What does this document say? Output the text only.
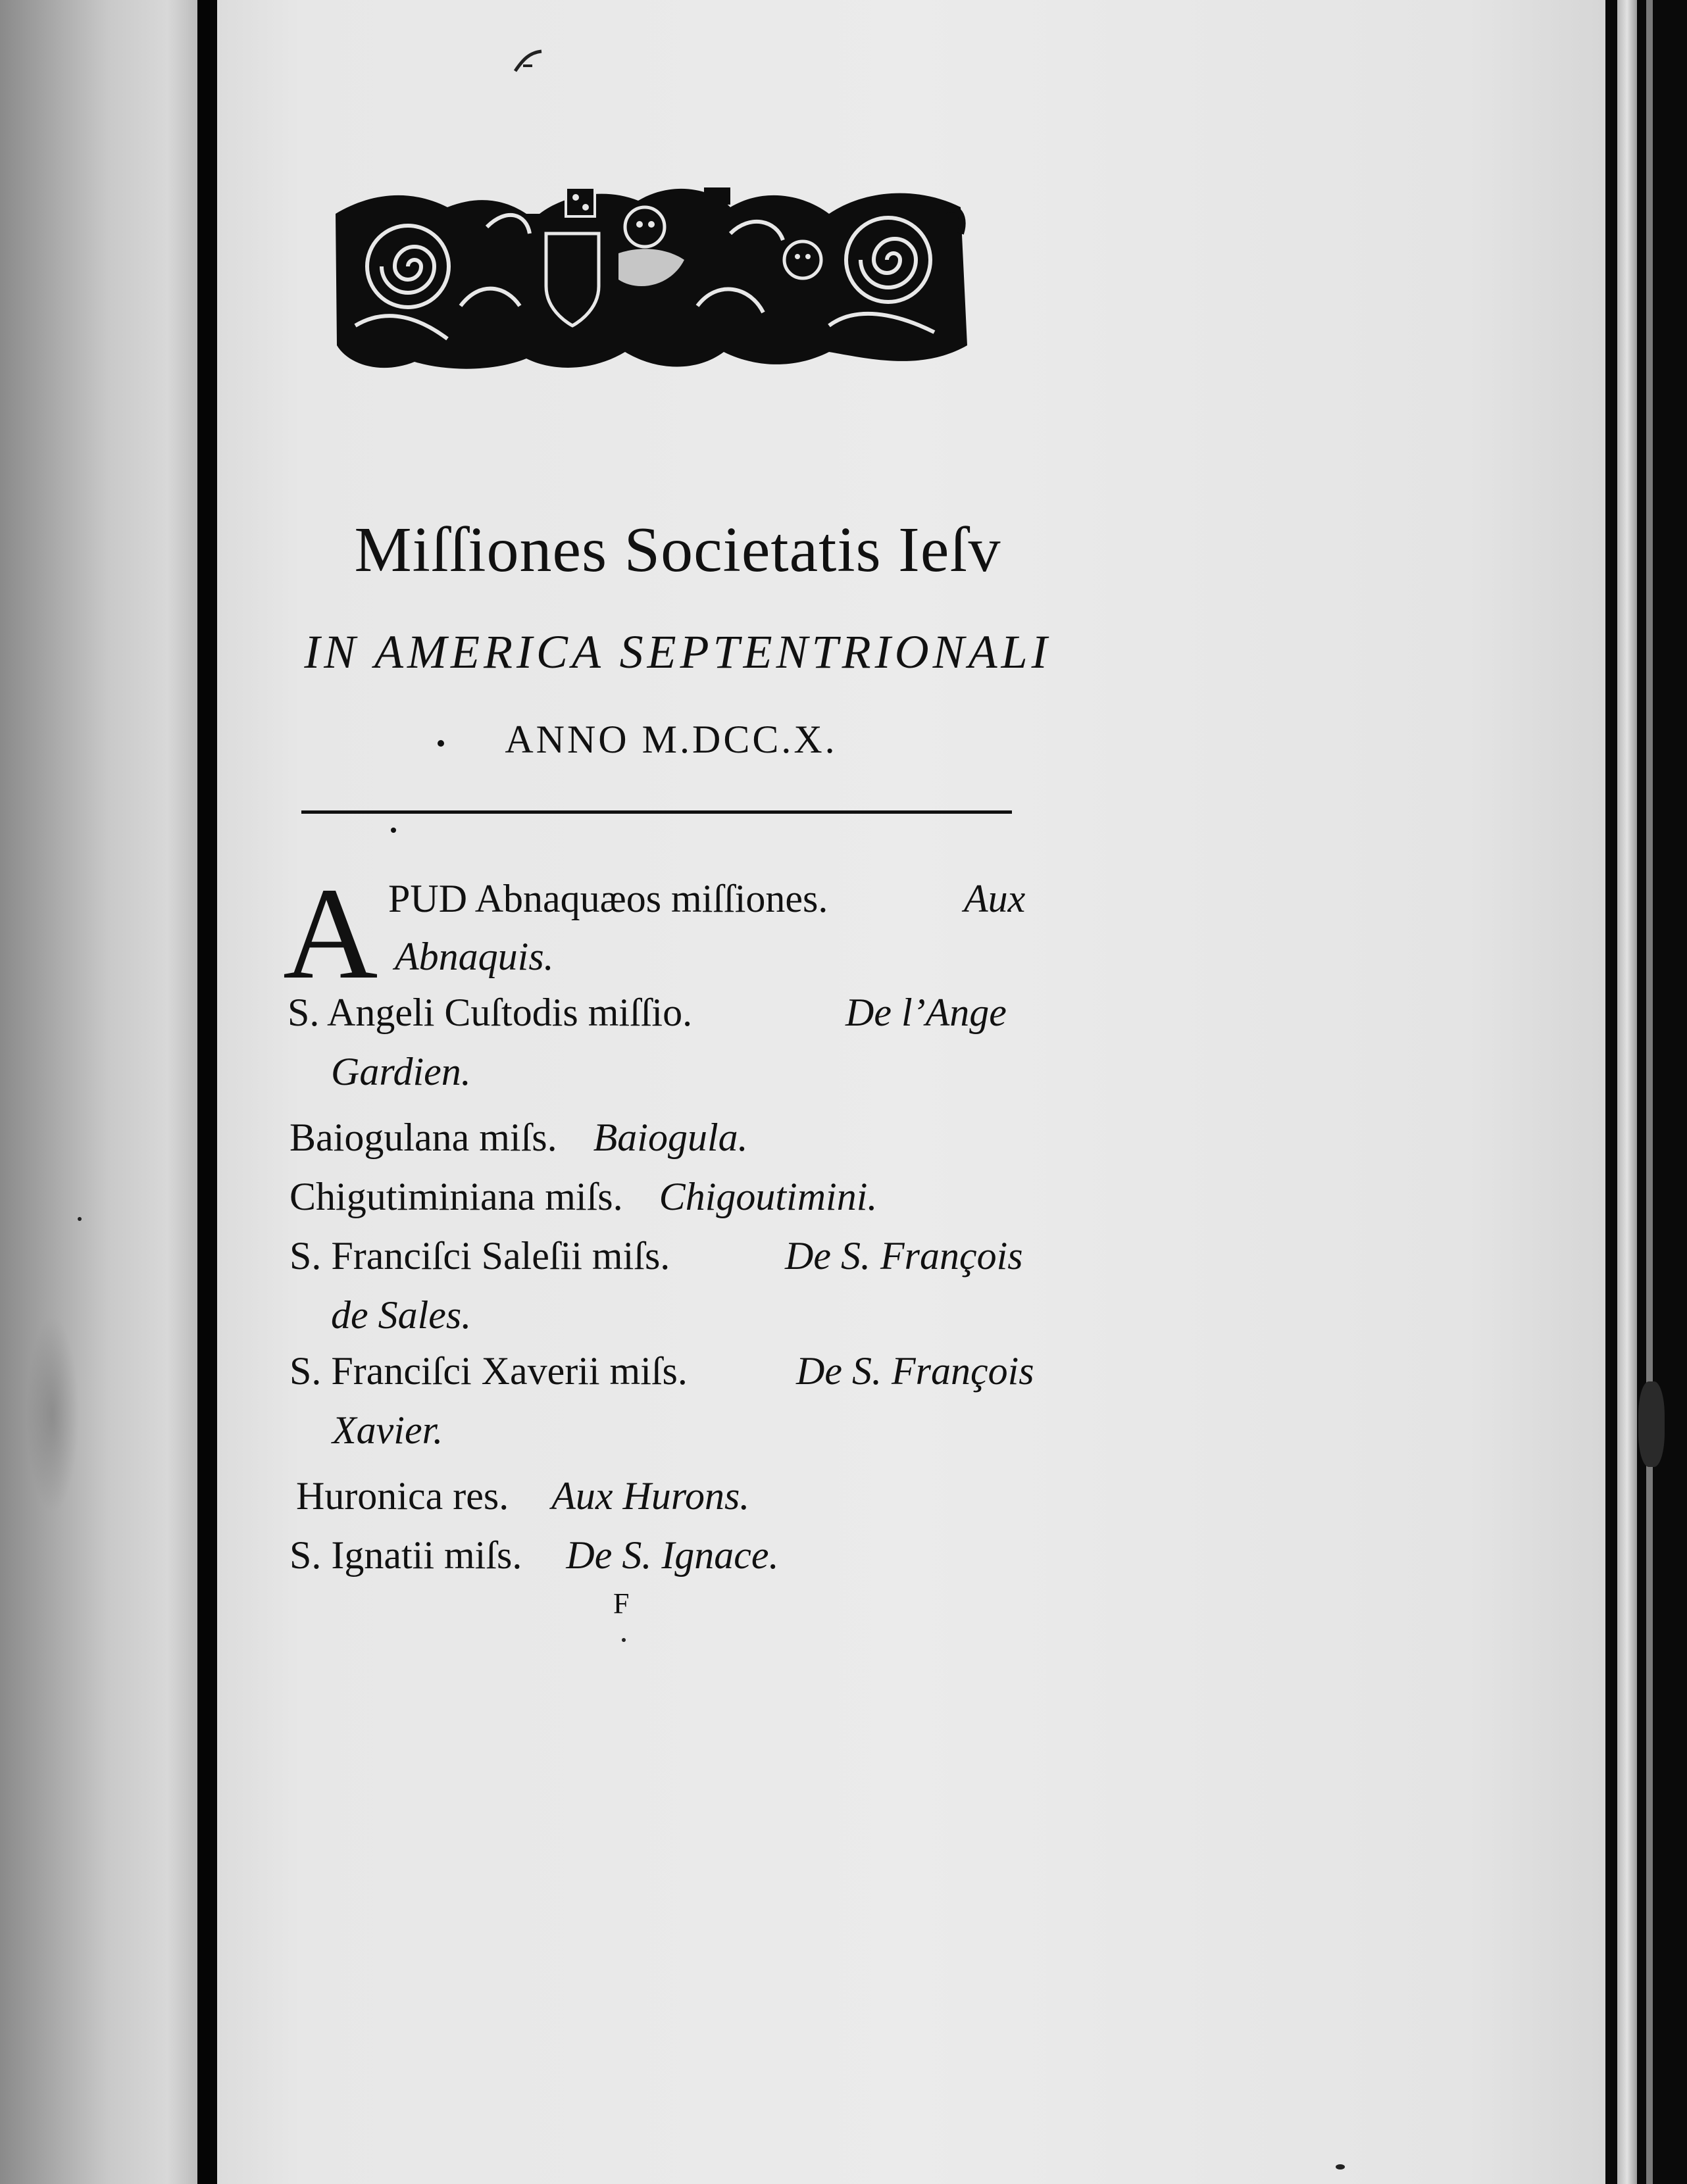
Miſſiones Societatis Ieſv
IN AMERICA SEPTENTRIONALI
ANNO M.DCC.X.
A PUD Abnaquæos miſſiones.	Aux
Abnaquis.
S. Angeli Cuſtodis miſſio.	De l’Ange
Gardien.
Baiogulana miſs. Baiogula.
Chigutiminiana miſs. Chigoutimini.
S. Franciſci Saleſii miſs.	De S. François
de Sales.
S. Franciſci Xaverii miſs.	De S. François
Xavier.
Huronica res. Aux Hurons.
S. Ignatii miſs. De S. Ignace.
F
